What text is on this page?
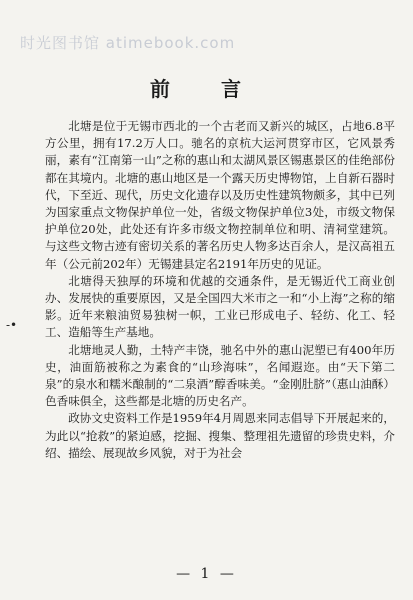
时光图书馆 atimebook.com
前 言
-•

北塘是位于无锡市西北的一个古老而又新兴的城区，占地6.8平方公里，拥有17.2万人口。驰名的京杭大运河贯穿市区，它风景秀丽，素有“江南第一山”之称的惠山和太湖风景区锡惠景区的佳绝部份都在其境内。北塘的惠山地区是一个露天历史博物馆，上自新石器时代，下至近、现代，历史文化遗存以及历史性建筑物颇多，其中已列为国家重点文物保护单位一处，省级文物保护单位3处，市级文物保护单位20处，此处还有许多市级文物控制单位和明、清祠堂建筑。与这些文物古迹有密切关系的著名历史人物多达百余人，是汉高祖五年（公元前202年）无锡建县定名2191年历史的见证。

北塘得天独厚的环境和优越的交通条件，是无锡近代工商业创办、发展快的重要原因，又是全国四大米市之一和“小上海”之称的缩影。近年来粮油贸易独树一帜，工业已形成电子、轻纺、化工、轻工、造船等生产基地。

北塘地灵人勤，土特产丰饶，驰名中外的惠山泥塑已有400年历史，油面筋被称之为素食的“山珍海味”，名闻遐迩。由“天下第二泉”的泉水和糯米酿制的“二泉酒”醇香味美。“金刚肚脐”（惠山油酥）色香味俱全，这些都是北塘的历史名产。

政协文史资料工作是1959年4月周恩来同志倡导下开展起来的，为此以“抢救”的紧迫感，挖掘、搜集、整理祖先遗留的珍贵史料，介绍、描绘、展现故乡风貌，对于为社会

— 1 —
